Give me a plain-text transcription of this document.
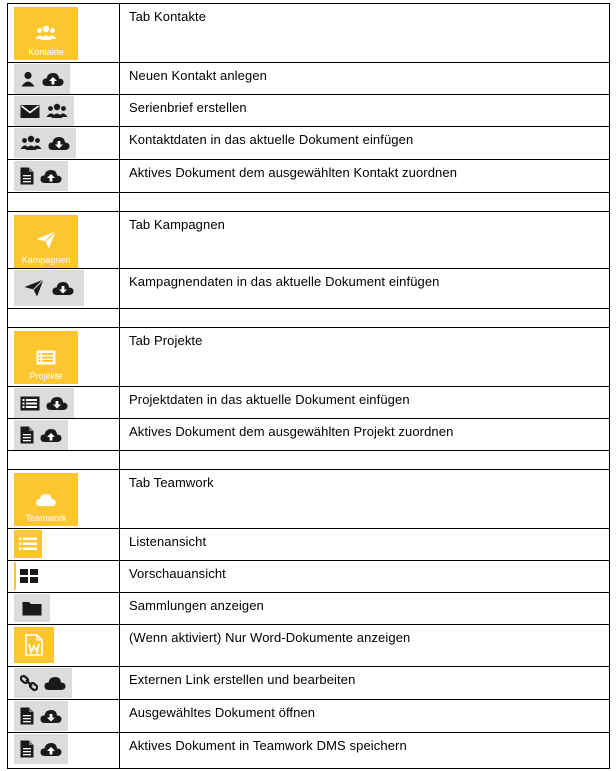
Kontakte	Tab Kontakte

	Neuen Kontakt anlegen

	Serienbrief erstellen

	Kontaktdaten in das aktuelle Dokument einfügen

	Aktives Dokument dem ausgewählten Kontakt zuordnen

Kampagnen	Tab Kampagnen

	Kampagnendaten in das aktuelle Dokument einfügen

Projekte	Tab Projekte

	Projektdaten in das aktuelle Dokument einfügen

	Aktives Dokument dem ausgewählten Projekt zuordnen

Teamwork	Tab Teamwork

	Listenansicht

	Vorschauansicht

	Sammlungen anzeigen

	(Wenn aktiviert) Nur Word-Dokumente anzeigen

	Externen Link erstellen und bearbeiten

	Ausgewähltes Dokument öffnen

	Aktives Dokument in Teamwork DMS speichern
